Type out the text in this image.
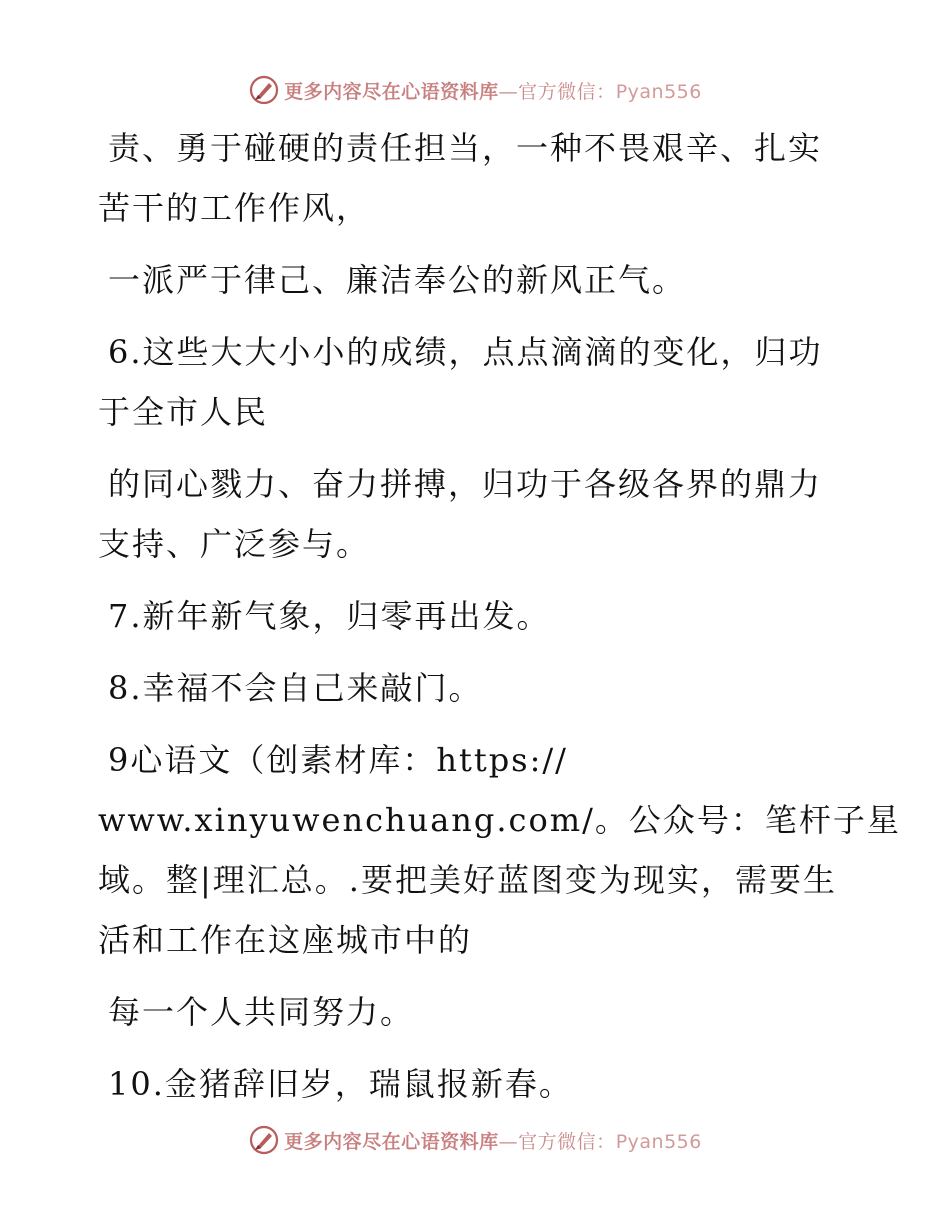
更多内容尽在心语资料库—官方微信：Pyan556
责、勇于碰硬的责任担当，一种不畏艰辛、扎实
苦干的工作作风，
一派严于律己、廉洁奉公的新风正气。
6.这些大大小小的成绩，点点滴滴的变化，归功
于全市人民
的同心戮力、奋力拼搏，归功于各级各界的鼎力
支持、广泛参与。
7.新年新气象，归零再出发。
8.幸福不会自己来敲门。
9心语文（创素材库：https://
www.xinyuwenchuang.com/。公众号：笔杆子星
域。整|理汇总。.要把美好蓝图变为现实，需要生
活和工作在这座城市中的
每一个人共同努力。
10.金猪辞旧岁，瑞鼠报新春。
更多内容尽在心语资料库—官方微信：Pyan556
